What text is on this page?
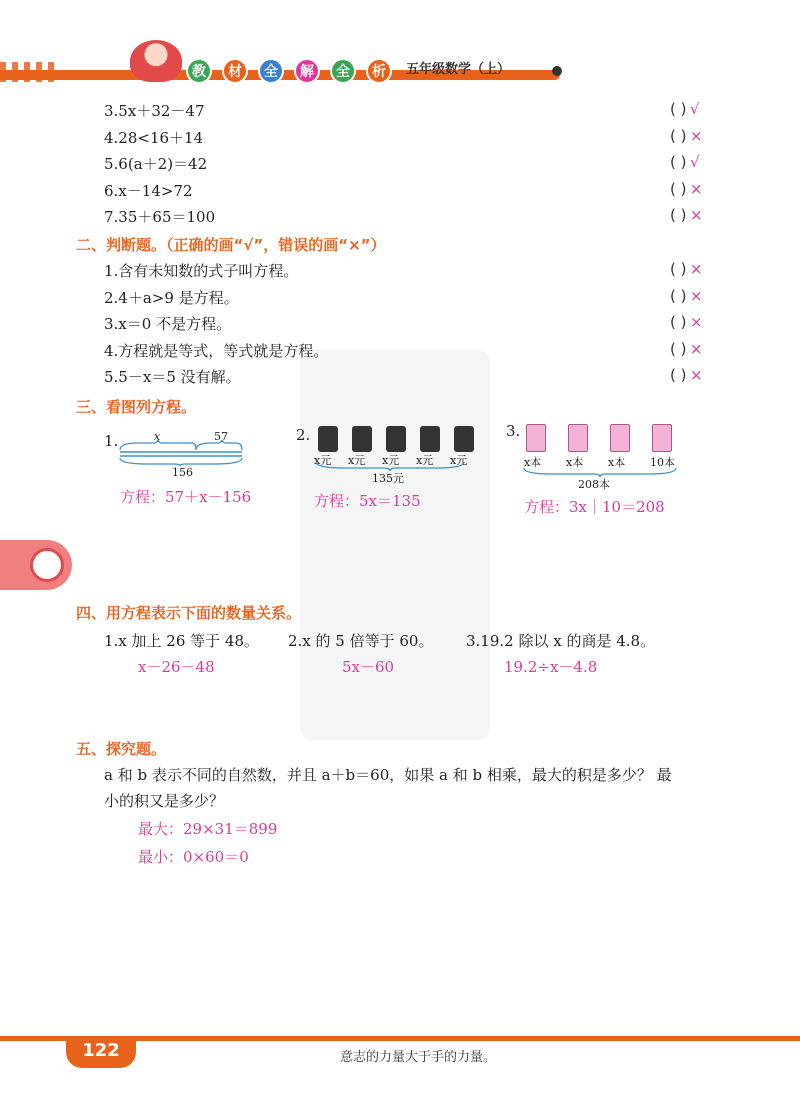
教	材	全	解	全	析	五年级数学（上）
3.5x＋32－47	( ) √
4.28<16＋14	( ) ×
5.6(a＋2)＝42	( ) √
6.x－14>72	( ) ×
7.35＋65＝100	( ) ×
二、判断题。（正确的画“√”，错误的画“×”）
1.含有未知数的式子叫方程。	( ) ×
2.4＋a>9 是方程。	( ) ×
3.x＝0 不是方程。	( ) ×
4.方程就是等式，等式就是方程。	( ) ×
5.5－x＝5 没有解。	( ) ×
三、看图列方程。
1.	x	57
156
方程：57＋x－156
2.
x元 x元 x元 x元 x元
135元
方程：5x＝135
3.
x本 x本 x本 10本
208本
方程：3x｜10＝208
四、用方程表示下面的数量关系。
1.x 加上 26 等于 48。 2.x 的 5 倍等于 60。 3.19.2 除以 x 的商是 4.8。
x－26－48	5x－60	19.2÷x－4.8
五、探究题。
a 和 b 表示不同的自然数，并且 a＋b＝60，如果 a 和 b 相乘，最大的积是多少？ 最
小的积又是多少？
最大：29×31＝899
最小：0×60＝0
122	意志的力量大于手的力量。
